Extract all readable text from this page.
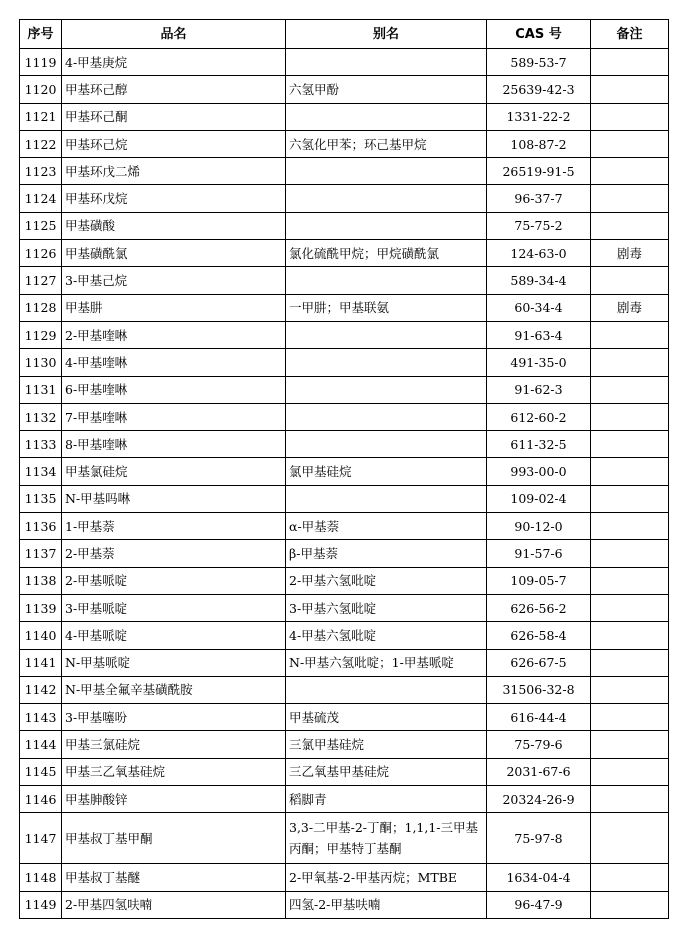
序号	品名	别名	CAS 号	备注
1119	4-甲基庚烷		589-53-7	
1120	甲基环己醇	六氢甲酚	25639-42-3	
1121	甲基环己酮		1331-22-2	
1122	甲基环己烷	六氢化甲苯；环己基甲烷	108-87-2	
1123	甲基环戊二烯		26519-91-5	
1124	甲基环戊烷		96-37-7	
1125	甲基磺酸		75-75-2	
1126	甲基磺酰氯	氯化硫酰甲烷；甲烷磺酰氯	124-63-0	剧毒
1127	3-甲基己烷		589-34-4	
1128	甲基肼	一甲肼；甲基联氨	60-34-4	剧毒
1129	2-甲基喹啉		91-63-4	
1130	4-甲基喹啉		491-35-0	
1131	6-甲基喹啉		91-62-3	
1132	7-甲基喹啉		612-60-2	
1133	8-甲基喹啉		611-32-5	
1134	甲基氯硅烷	氯甲基硅烷	993-00-0	
1135	N-甲基吗啉		109-02-4	
1136	1-甲基萘	α-甲基萘	90-12-0	
1137	2-甲基萘	β-甲基萘	91-57-6	
1138	2-甲基哌啶	2-甲基六氢吡啶	109-05-7	
1139	3-甲基哌啶	3-甲基六氢吡啶	626-56-2	
1140	4-甲基哌啶	4-甲基六氢吡啶	626-58-4	
1141	N-甲基哌啶	N-甲基六氢吡啶；1-甲基哌啶	626-67-5	
1142	N-甲基全氟辛基磺酰胺		31506-32-8	
1143	3-甲基噻吩	甲基硫茂	616-44-4	
1144	甲基三氯硅烷	三氯甲基硅烷	75-79-6	
1145	甲基三乙氧基硅烷	三乙氧基甲基硅烷	2031-67-6	
1146	甲基胂酸锌	稻脚青	20324-26-9	
1147	甲基叔丁基甲酮	3,3-二甲基-2-丁酮；1,1,1-三甲基丙酮；甲基特丁基酮	75-97-8	
1148	甲基叔丁基醚	2-甲氧基-2-甲基丙烷；MTBE	1634-04-4	
1149	2-甲基四氢呋喃	四氢-2-甲基呋喃	96-47-9	
